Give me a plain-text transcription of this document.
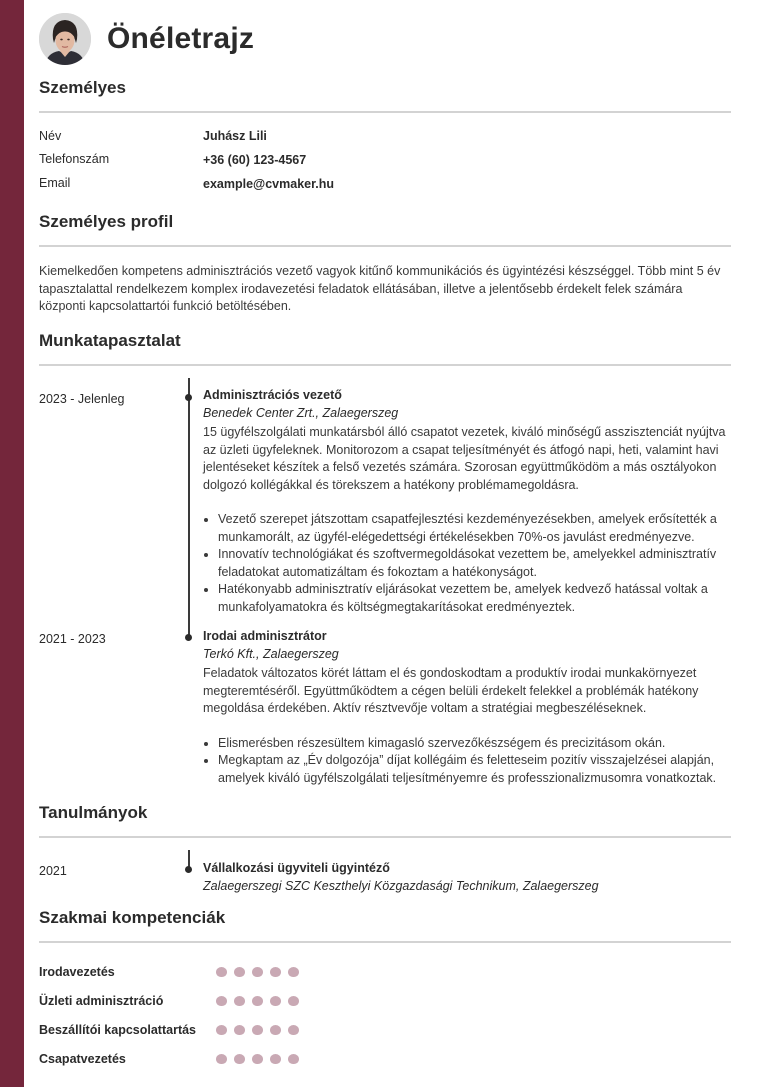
Önéletrajz
Személyes
Név	Juhász Lili
Telefonszám	+36 (60) 123-4567
Email	example@cvmaker.hu
Személyes profil
Kiemelkedően kompetens adminisztrációs vezető vagyok kitűnő kommunikációs és ügyintézési készséggel. Több mint 5 év tapasztalattal rendelkezem komplex irodavezetési feladatok ellátásában, illetve a jelentősebb érdekelt felek számára központi kapcsolattartói funkció betöltésében.
Munkatapasztalat
2023 - Jelenleg	Adminisztrációs vezető
Benedek Center Zrt., Zalaegerszeg

15 ügyfélszolgálati munkatársból álló csapatot vezetek, kiváló minőségű asszisztenciát nyújtva az üzleti ügyfeleknek. Monitorozom a csapat teljesítményét és átfogó napi, heti, valamint havi jelentéseket készítek a felső vezetés számára. Szorosan együttműködöm a más osztályokon dolgozó kollégákkal és törekszem a hatékony problémamegoldásra.

• Vezető szerepet játszottam csapatfejlesztési kezdeményezésekben, amelyek erősítették a munkamorált, az ügyfél-elégedettségi értékelésekben 70%-os javulást eredményezve.
• Innovatív technológiákat és szoftvermegoldásokat vezettem be, amelyekkel adminisztratív feladatokat automatizáltam és fokoztam a hatékonyságot.
• Hatékonyabb adminisztratív eljárásokat vezettem be, amelyek kedvező hatással voltak a munkafolyamatokra és költségmegtakarításokat eredményeztek.
2021 - 2023	Irodai adminisztrátor
Terkó Kft., Zalaegerszeg

Feladatok változatos körét láttam el és gondoskodtam a produktív irodai munkakörnyezet megteremtéséről. Együttműködtem a cégen belüli érdekelt felekkel a problémák hatékony megoldása érdekében. Aktív résztvevője voltam a stratégiai megbeszéléseknek.

• Elismerésben részesültem kimagasló szervezőkészségem és precizitásom okán.
• Megkaptam az „Év dolgozója” díjat kollégáim és feletteseim pozitív visszajelzései alapján, amelyek kiváló ügyfélszolgálati teljesítményemre és professzionalizmusomra vonatkoztak.
Tanulmányok
2021	Vállalkozási ügyviteli ügyintéző
Zalaegerszegi SZC Keszthelyi Közgazdasági Technikum, Zalaegerszeg
Szakmai kompetenciák
Irodavezetés
Üzleti adminisztráció
Beszállítói kapcsolattartás
Csapatvezetés
